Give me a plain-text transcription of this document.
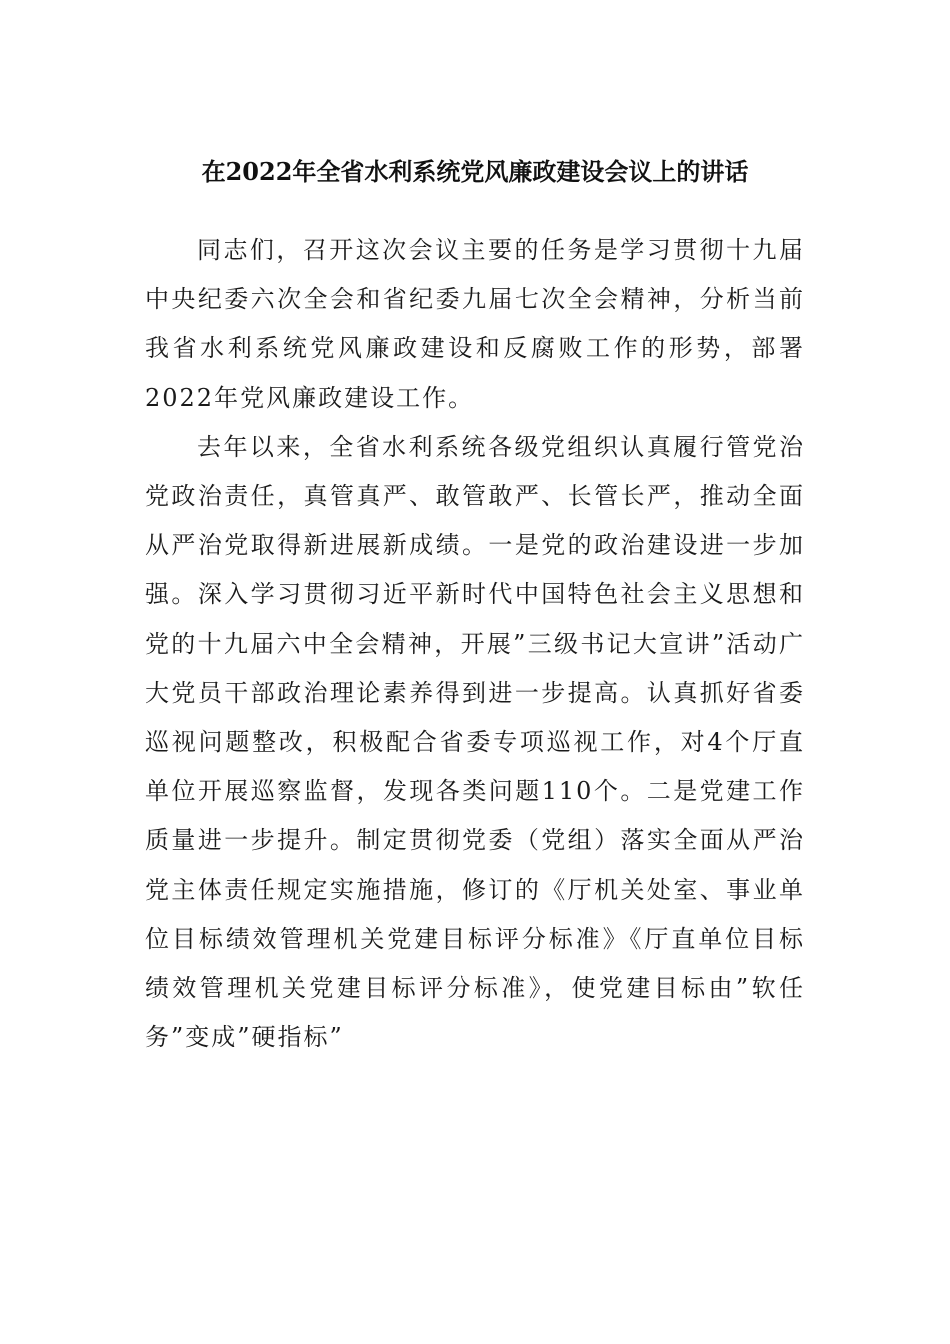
在2022年全省水利系统党风廉政建设会议上的讲话

同志们，召开这次会议主要的任务是学习贯彻十九届中央纪委六次全会和省纪委九届七次全会精神，分析当前我省水利系统党风廉政建设和反腐败工作的形势，部署2022年党风廉政建设工作。

去年以来，全省水利系统各级党组织认真履行管党治党政治责任，真管真严、敢管敢严、长管长严，推动全面从严治党取得新进展新成绩。一是党的政治建设进一步加强。深入学习贯彻习近平新时代中国特色社会主义思想和党的十九届六中全会精神，开展”三级书记大宣讲”活动广大党员干部政治理论素养得到进一步提高。认真抓好省委巡视问题整改，积极配合省委专项巡视工作，对4个厅直单位开展巡察监督，发现各类问题110个。二是党建工作质量进一步提升。制定贯彻党委（党组）落实全面从严治党主体责任规定实施措施，修订的《厅机关处室、事业单位目标绩效管理机关党建目标评分标准》《厅直单位目标绩效管理机关党建目标评分标准》，使党建目标由”软任务”变成”硬指标”
